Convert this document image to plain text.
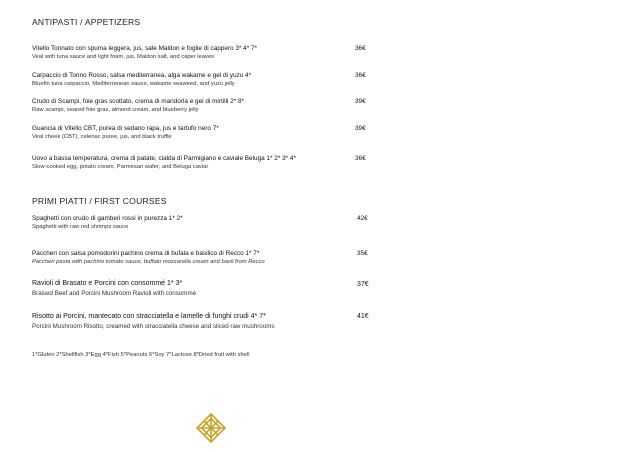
ANTIPASTI / APPETIZERS
Vitello Tonnato con spuma leggera, jus, sale Maldon e foglie di cappero 3* 4* 7*
Veal with tuna sauce and light foam, jus, Maldon salt, and caper leaves
36€
Carpaccio di Tonno Rosso, salsa mediterranea, alga wakame e gel di yuzu 4*
Bluefin tuna carpaccio, Mediterranean sauce, wakame seaweed, and yuzu jelly
36€
Crudo di Scampi, foie gras scottato, crema di mandorla e gel di mirtilli 2* 8*
Raw scampi, seared foie gras, almond cream, and blueberry jelly
39€
Guancia di Vitello CBT, purea di sedano rapa, jus e tartufo nero 7*
Veal cheek (CBT), celeriac puree, jus, and black truffle
39€
Uovo a bassa temperatura, crema di patate, cialda di Parmigiano e caviale Beluga 1* 2* 3* 4*
Slow-cooked egg, potato cream, Parmesan wafer, and Beluga caviar
36€
PRIMI PIATTI / FIRST COURSES
Spaghetti con crudo di gamberi rossi in purezza 1* 2*
Spaghetti with raw red shrimps sauce
42€
Paccheri con salsa pomodorini pachino crema di bufala e basilico di Recco 1* 7*
Paccheri pasta with pachino tomato sauce, buffalo mozzarella cream and basil from Recco
35€
Ravioli di Brasato e Porcini con consommé 1* 3*
Braised Beef and Porcini Mushroom Ravioli with consommé
37€
Risotto ai Porcini, mantecato con stracciatella e lamelle di funghi crudi 4* 7*
Porcini Mushroom Risotto, creamed with stracciatella cheese and sliced raw mushrooms
41€
1*Gluten 2*Shellfish 3*Egg 4*Fish 5*Peanuts 6*Soy 7*Lactose 8*Dried fruit with shell
